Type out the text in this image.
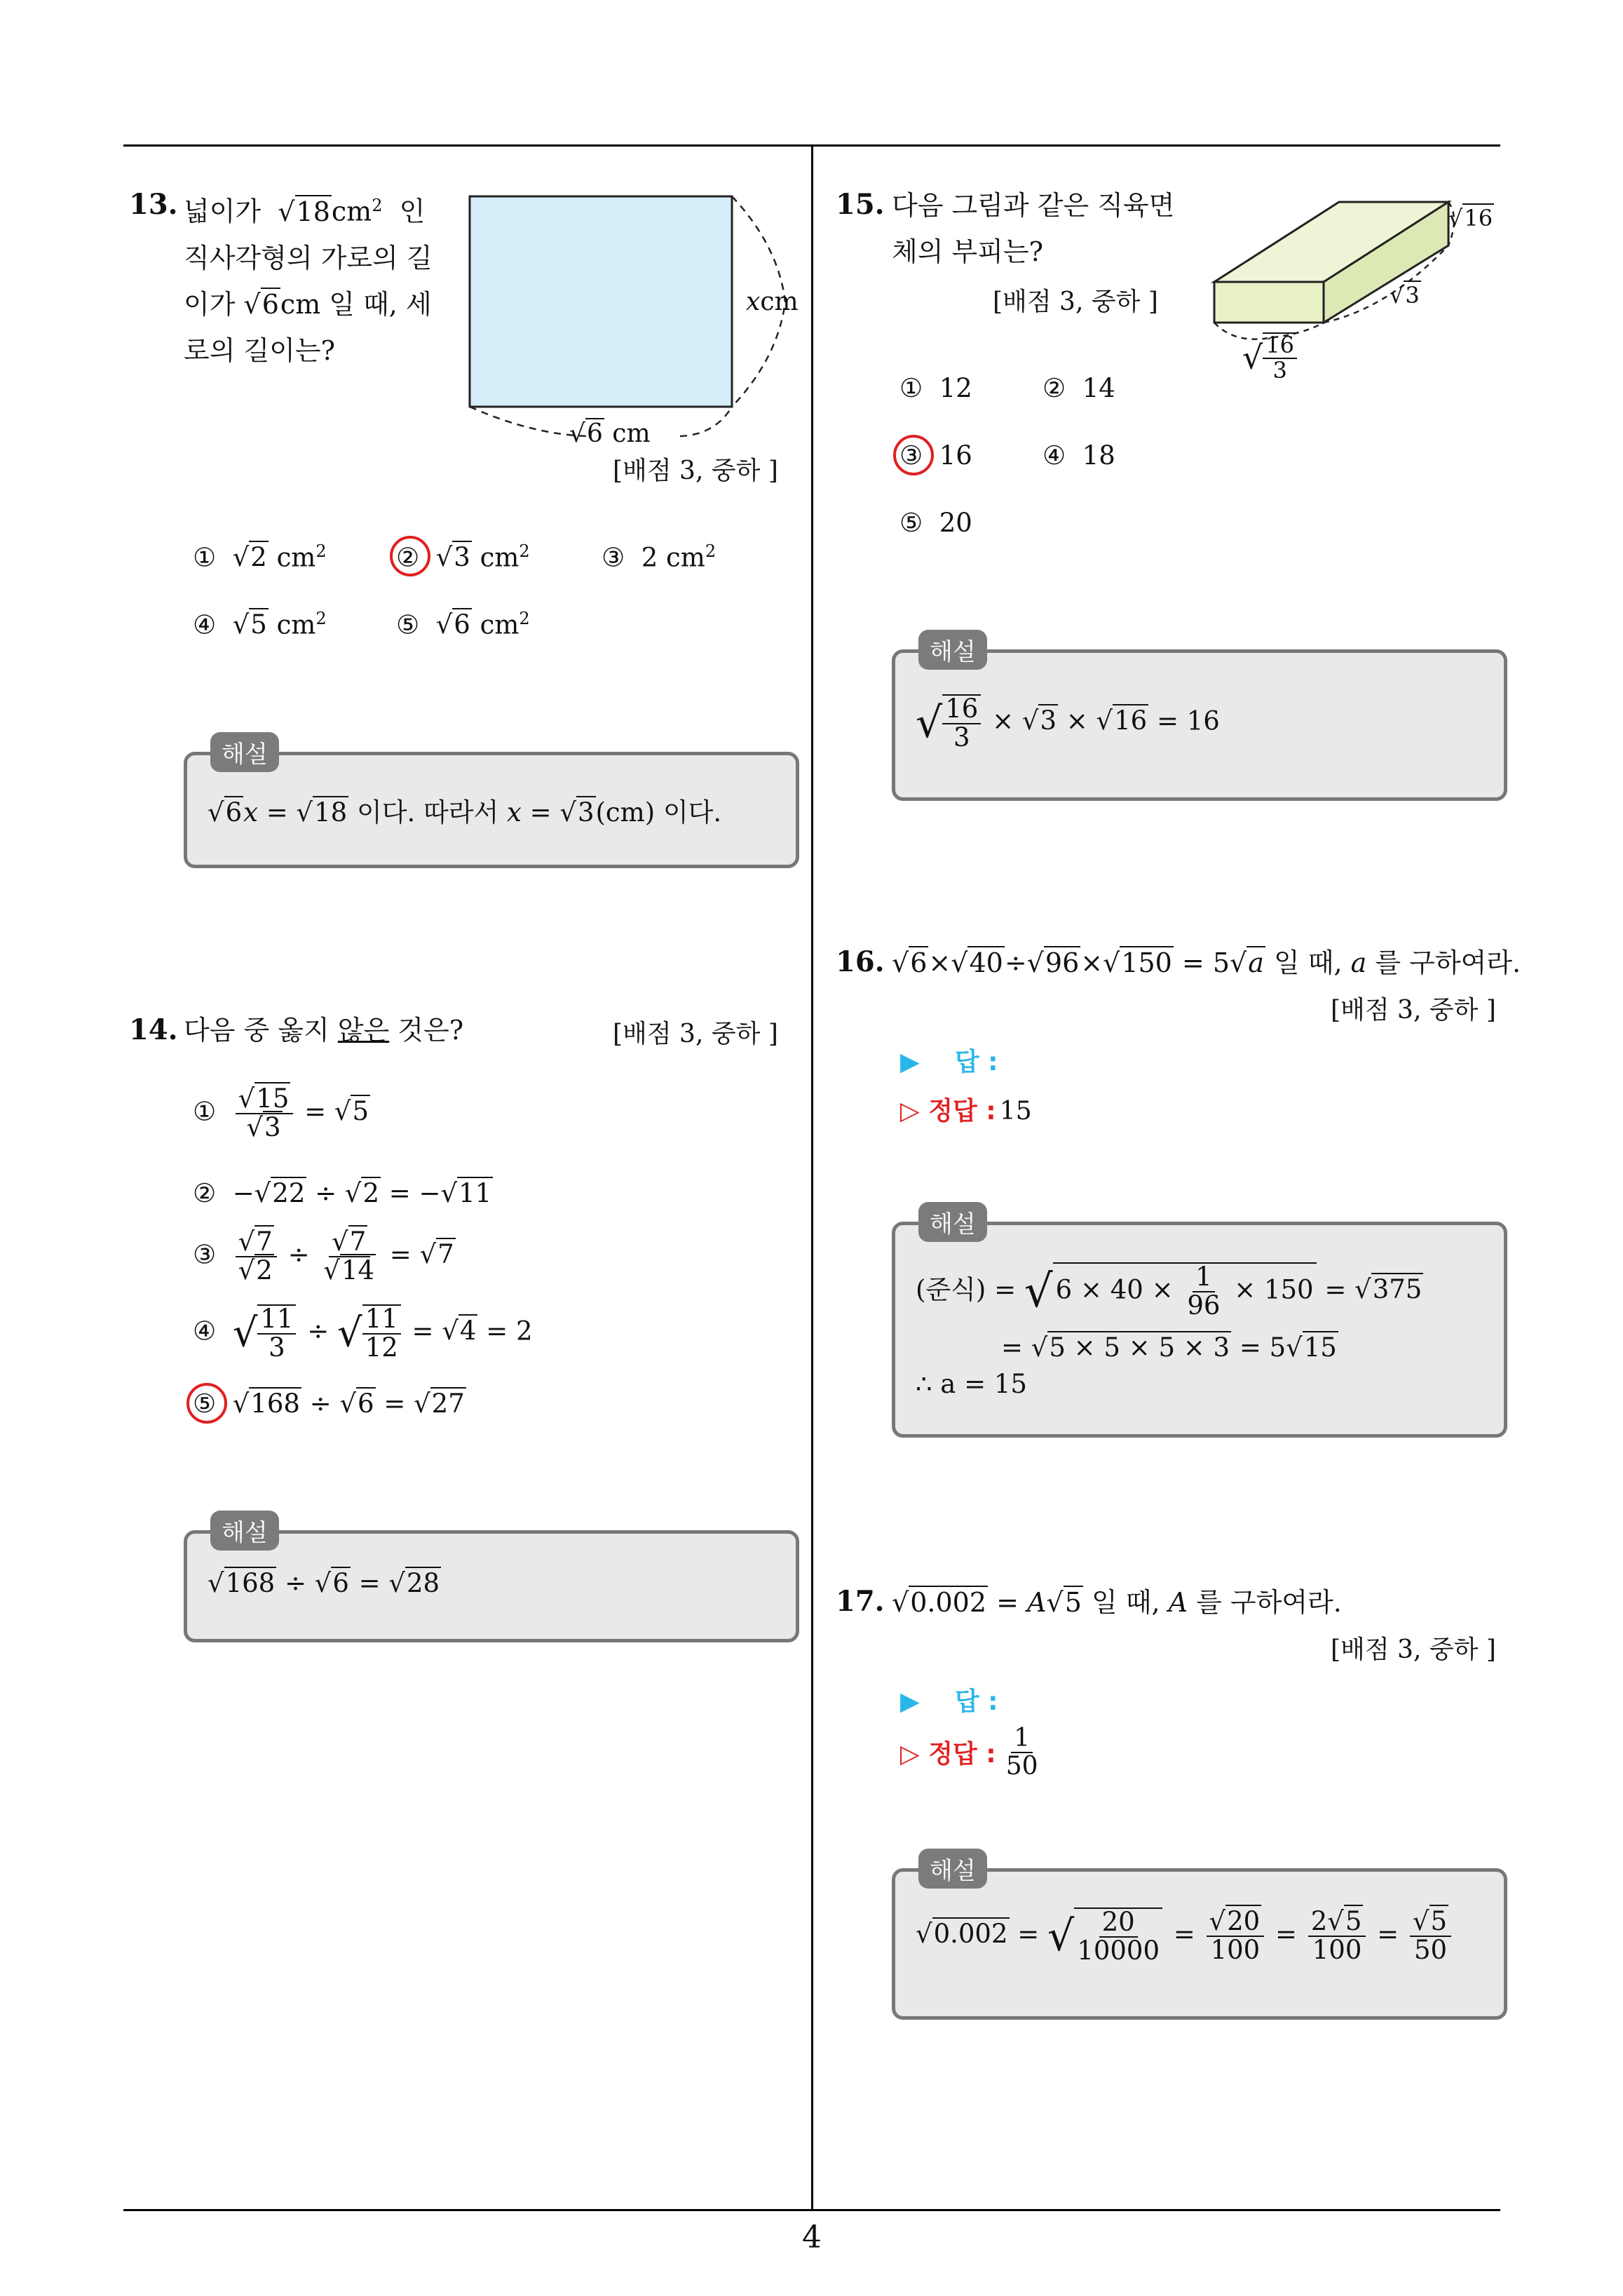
4
13. 넓이가  $√18cm^2$  인
직사각형의 가로의 길
이가 √6cm 일 때, 세
로의 길이는?
xcm
√6 cm
[배점 3, 중하 ]
①  √2 $cm^2$	②  √3 $cm^2$	③  2 $cm^2$
④  √5 $cm^2$	⑤  √6 $cm^2$
해설
√6x = √18 이다. 따라서 x = √3(cm) 이다.
14. 다음 중 옳지 않은 것은?	[배점 3, 중하 ]
① $\frac{√15}{√3} = √5$
②  −√22 ÷ √2 = −√11
③ $\frac{√7}{√2} \div \frac{√7}{√14} = √7$
④  √ $\frac{11}{3}$ ÷ √ $\frac{11}{12} = √4 = 2$
⑤  √168 ÷ √6 = √27
해설
√168 ÷ √6 = √28
15. 다음 그림과 같은 직육면
체의 부피는?
[배점 3, 중하 ]
√16
√3
√ $\frac{16}{3}$
①  12	②  14
③  16	④  18
⑤  20
해설
√ $\frac{16}{3} \times √3 \times √16 = 16$
16. √6×√40÷√96×√150 = 5√a 일 때, a 를 구하여라.
[배점 3, 중하 ]
▶    답 :
▷ 정답 : 15
해설
(준식) = √ $6 \times 40 \times \frac{1}{96} \times 150 = √375$
= √5 × 5 × 5 × 3 = 5√15
∴ a = 15
17. √0.002 = A√5 일 때, A 를 구하여라.
[배점 3, 중하 ]
▶    답 :
▷ 정답 : $\frac{1}{50}$
해설
√0.002 = √ $\frac{20}{10000} = \frac{√20}{100} = \frac{2√5}{100} = \frac{√5}{50}$
